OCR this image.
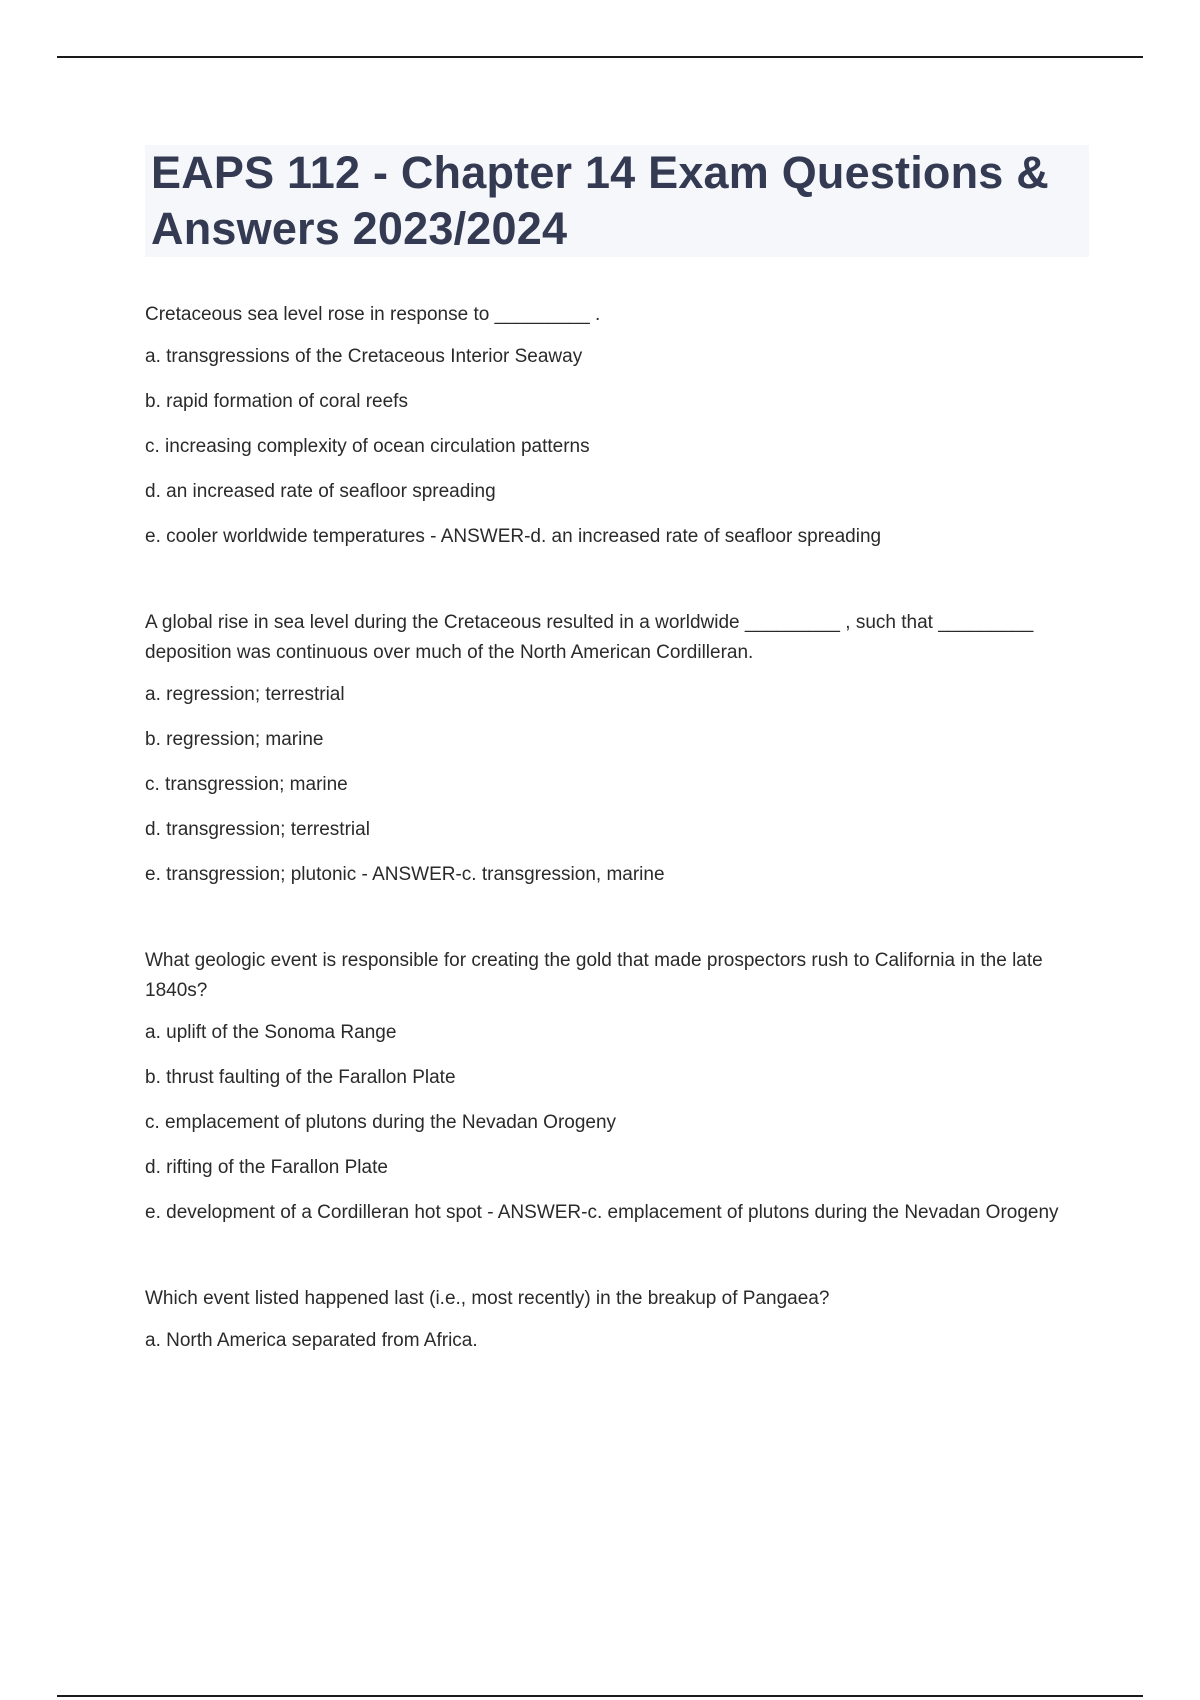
EAPS 112 - Chapter 14 Exam Questions & Answers 2023/2024

Cretaceous sea level rose in response to _________ .

a. transgressions of the Cretaceous Interior Seaway

b. rapid formation of coral reefs

c. increasing complexity of ocean circulation patterns

d. an increased rate of seafloor spreading

e. cooler worldwide temperatures - ANSWER-d. an increased rate of seafloor spreading

A global rise in sea level during the Cretaceous resulted in a worldwide _________ , such that _________ deposition was continuous over much of the North American Cordilleran.

a. regression; terrestrial

b. regression; marine

c. transgression; marine

d. transgression; terrestrial

e. transgression; plutonic - ANSWER-c. transgression, marine

What geologic event is responsible for creating the gold that made prospectors rush to California in the late 1840s?

a. uplift of the Sonoma Range

b. thrust faulting of the Farallon Plate

c. emplacement of plutons during the Nevadan Orogeny

d. rifting of the Farallon Plate

e. development of a Cordilleran hot spot - ANSWER-c. emplacement of plutons during the Nevadan Orogeny

Which event listed happened last (i.e., most recently) in the breakup of Pangaea?

a. North America separated from Africa.
